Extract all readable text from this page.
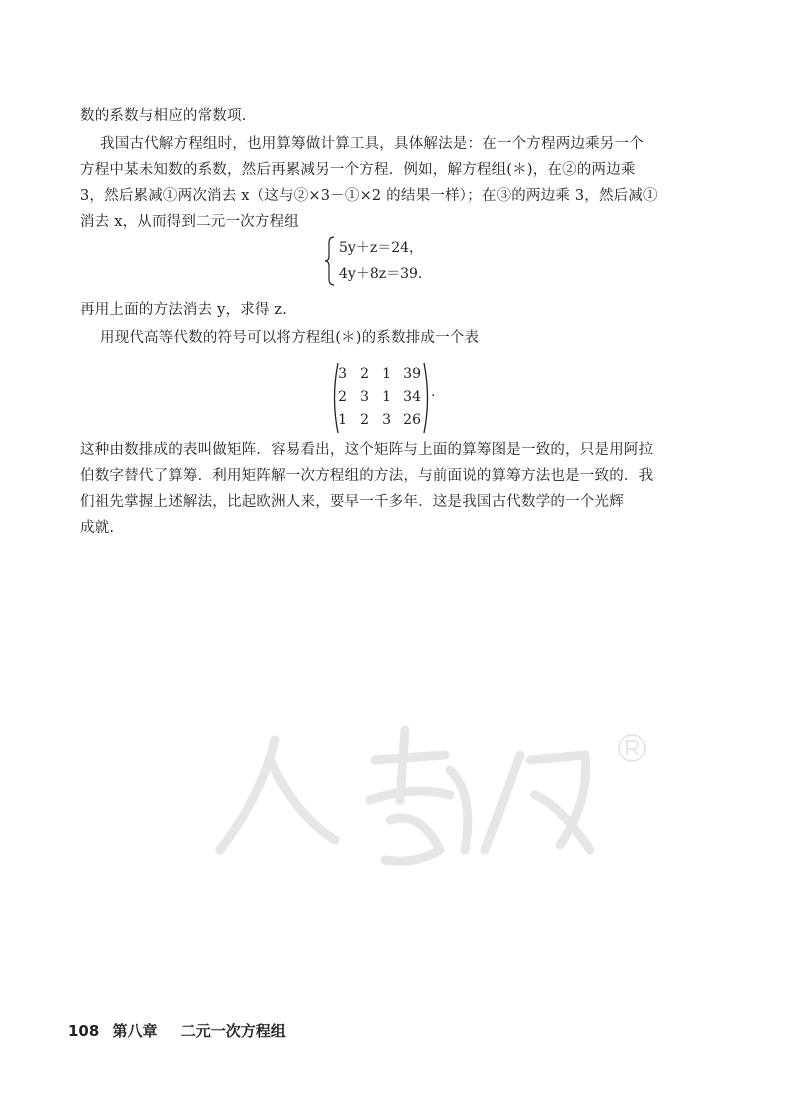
数的系数与相应的常数项.
我国古代解方程组时，也用算筹做计算工具，具体解法是：在一个方程两边乘另一个
方程中某未知数的系数，然后再累减另一个方程．例如，解方程组(＊)，在②的两边乘
3，然后累减①两次消去 x（这与②×3－①×2 的结果一样）；在③的两边乘 3，然后减①
消去 x，从而得到二元一次方程组
5y＋z＝24，
4y＋8z＝39.
再用上面的方法消去 y，求得 z.
用现代高等代数的符号可以将方程组(＊)的系数排成一个表
3 2 1 39
2 3 1 34
1 2 3 26
.
这种由数排成的表叫做矩阵．容易看出，这个矩阵与上面的算筹图是一致的，只是用阿拉
伯数字替代了算筹．利用矩阵解一次方程组的方法，与前面说的算筹方法也是一致的．我
们祖先掌握上述解法，比起欧洲人来，要早一千多年．这是我国古代数学的一个光辉
成就.
108 第八章 二元一次方程组
